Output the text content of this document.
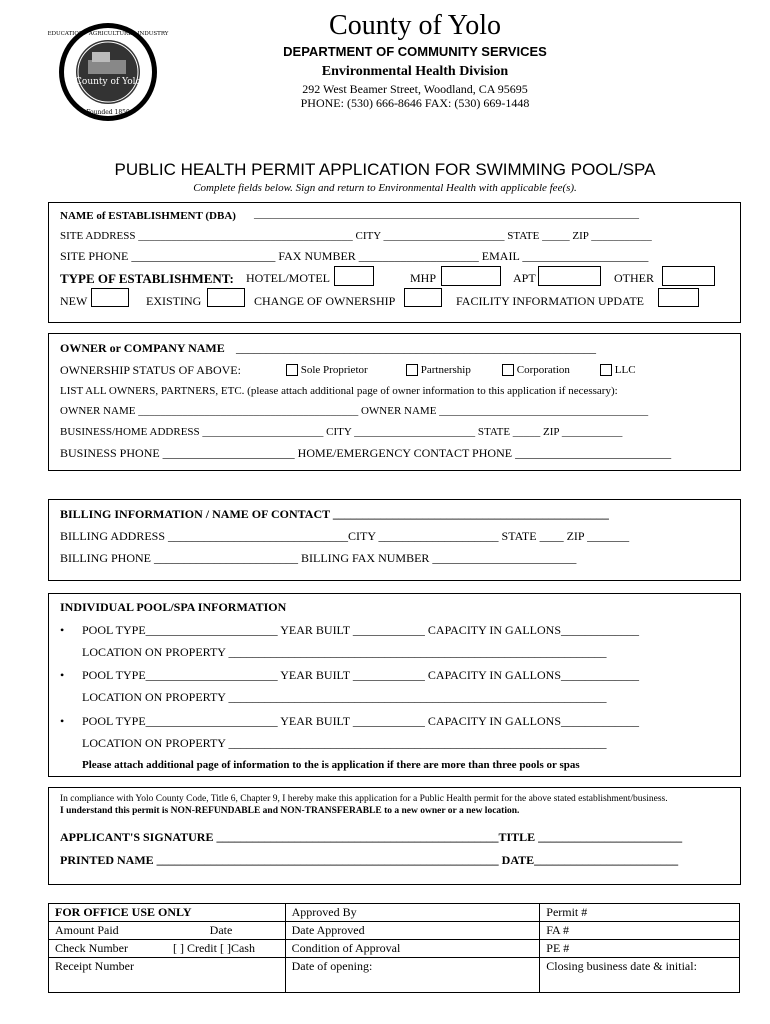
EDUCATION · AGRICULTURE · INDUSTRY
County of Yolo
Founded 1850
County of Yolo
DEPARTMENT OF COMMUNITY SERVICES
Environmental Health Division
292 West Beamer Street, Woodland, CA 95695
PHONE: (530) 666-8646 FAX: (530) 669-1448
PUBLIC HEALTH PERMIT APPLICATION FOR SWIMMING POOL/SPA
Complete fields below. Sign and return to Environmental Health with applicable fee(s).
NAME of ESTABLISHMENT (DBA) ______________________________________________________________________
SITE ADDRESS _______________________________________ CITY ______________________ STATE _____ ZIP ___________
SITE PHONE ________________________ FAX NUMBER ____________________ EMAIL _____________________
TYPE OF ESTABLISHMENT: HOTEL/MOTEL	MHP	APT	OTHER
NEW	EXISTING	CHANGE OF OWNERSHIP	FACILITY INFORMATION UPDATE
OWNER or COMPANY NAME ____________________________________________________________
OWNERSHIP STATUS OF ABOVE:	Sole Proprietor	Partnership	Corporation	LLC
LIST ALL OWNERS, PARTNERS, ETC. (please attach additional page of owner information to this application if necessary):
OWNER NAME ________________________________________ OWNER NAME ______________________________________
BUSINESS/HOME ADDRESS ______________________ CITY ______________________ STATE _____ ZIP ___________
BUSINESS PHONE ______________________ HOME/EMERGENCY CONTACT PHONE __________________________
BILLING INFORMATION / NAME OF CONTACT ______________________________________________
BILLING ADDRESS ______________________________CITY ____________________ STATE ____ ZIP _______
BILLING PHONE ________________________ BILLING FAX NUMBER ________________________
INDIVIDUAL POOL/SPA INFORMATION
• POOL TYPE______________________ YEAR BUILT ____________ CAPACITY IN GALLONS_____________
LOCATION ON PROPERTY _______________________________________________________________
• POOL TYPE______________________ YEAR BUILT ____________ CAPACITY IN GALLONS_____________
LOCATION ON PROPERTY _______________________________________________________________
• POOL TYPE______________________ YEAR BUILT ____________ CAPACITY IN GALLONS_____________
LOCATION ON PROPERTY _______________________________________________________________
Please attach additional page of information to the is application if there are more than three pools or spas
In compliance with Yolo County Code, Title 6, Chapter 9, I hereby make this application for a Public Health permit for the above stated establishment/business.
I understand this permit is NON-REFUNDABLE and NON-TRANSFERABLE to a new owner or a new location.
APPLICANT'S SIGNATURE _______________________________________________TITLE ________________________
PRINTED NAME _________________________________________________________ DATE________________________
FOR OFFICE USE ONLY	Approved By	Permit #
Amount Paid Date	Date Approved	FA #
Check Number [ ] Credit [ ]Cash	Condition of Approval	PE #
Receipt Number	Date of opening:	Closing business date & initial:
